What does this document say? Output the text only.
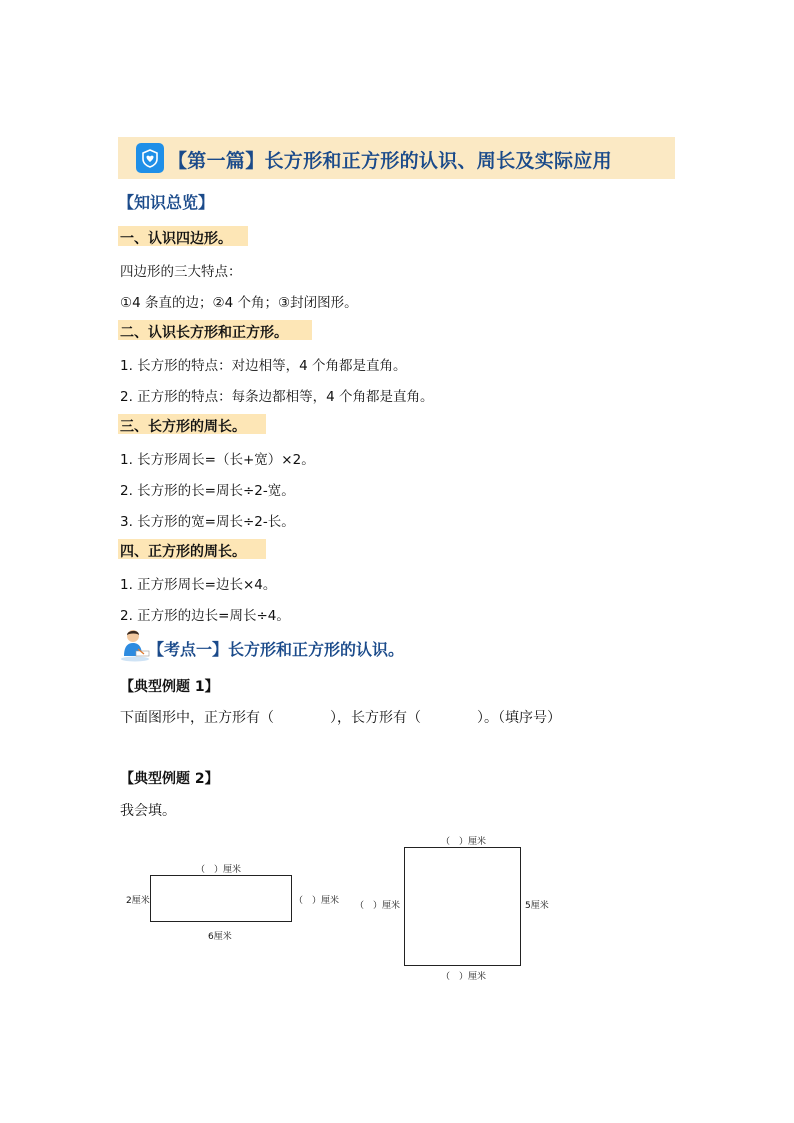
【第一篇】长方形和正方形的认识、周长及实际应用
【知识总览】
一、认识四边形。
四边形的三大特点：
①4 条直的边；②4 个角；③封闭图形。
二、认识长方形和正方形。
1. 长方形的特点：对边相等，4 个角都是直角。
2. 正方形的特点：每条边都相等，4 个角都是直角。
三、长方形的周长。
1. 长方形周长=（长+宽）×2。
2. 长方形的长=周长÷2-宽。
3. 长方形的宽=周长÷2-长。
四、正方形的周长。
1. 正方形周长=边长×4。
2. 正方形的边长=周长÷4。
【考点一】长方形和正方形的认识。
【典型例题 1】
下面图形中，正方形有（　　　　），长方形有（　　　　）。（填序号）
【典型例题 2】
我会填。
（　）厘米
2厘米	（　）厘米
6厘米
（　）厘米
（　）厘米	5厘米
（　）厘米
